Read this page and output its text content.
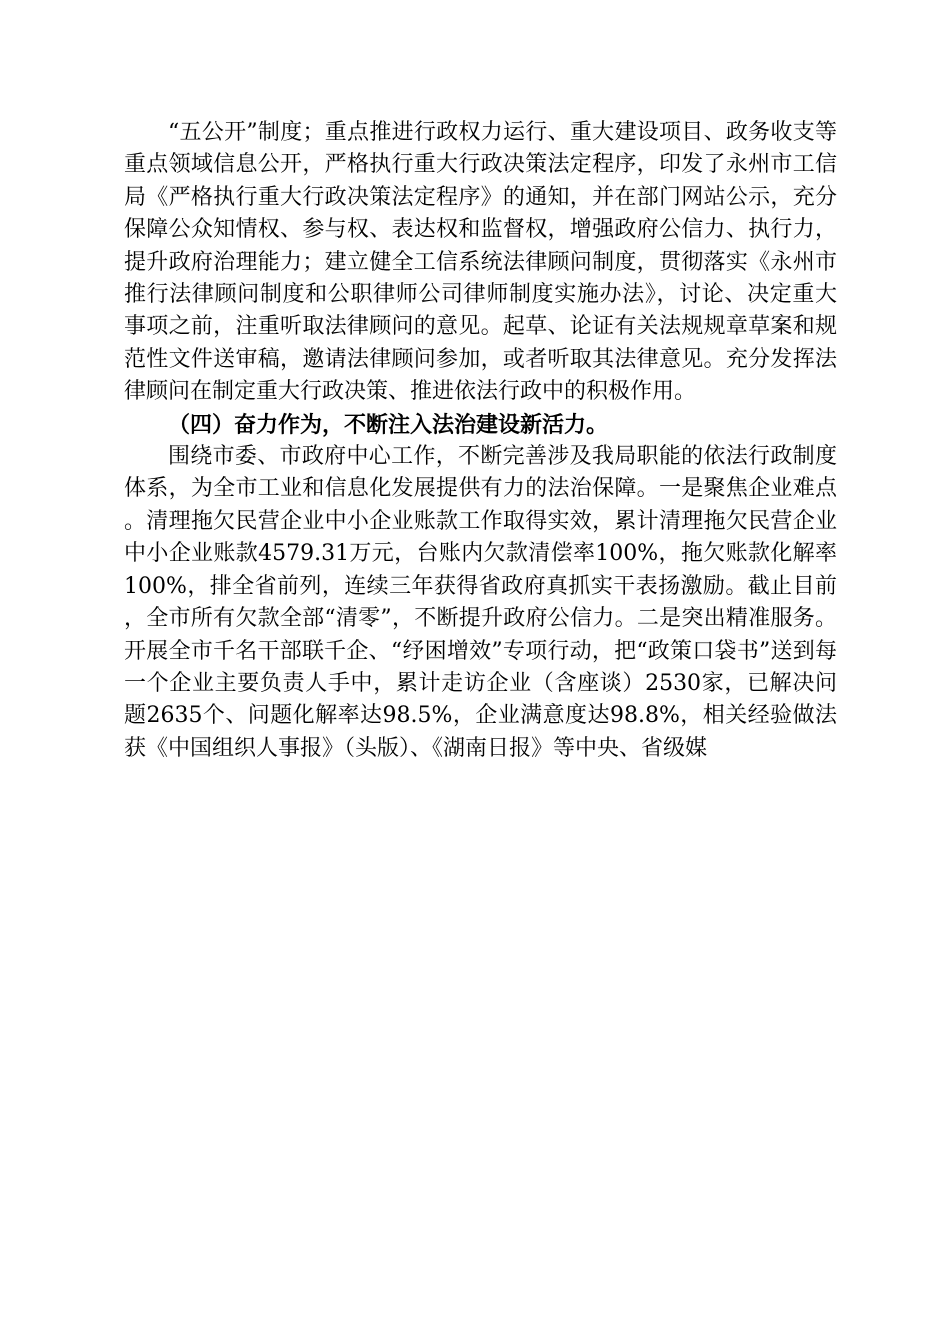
“五公开”制度；重点推进行政权力运行、重大建设项目、政务收支等重点领域信息公开，严格执行重大行政决策法定程序，印发了永州市工信局《严格执行重大行政决策法定程序》的通知，并在部门网站公示，充分保障公众知情权、参与权、表达权和监督权，增强政府公信力、执行力，提升政府治理能力；建立健全工信系统法律顾问制度，贯彻落实《永州市推行法律顾问制度和公职律师公司律师制度实施办法》，讨论、决定重大事项之前，注重听取法律顾问的意见。起草、论证有关法规规章草案和规范性文件送审稿，邀请法律顾问参加，或者听取其法律意见。充分发挥法律顾问在制定重大行政决策、推进依法行政中的积极作用。

（四）奋力作为，不断注入法治建设新活力。

围绕市委、市政府中心工作，不断完善涉及我局职能的依法行政制度体系，为全市工业和信息化发展提供有力的法治保障。一是聚焦企业难点。清理拖欠民营企业中小企业账款工作取得实效，累计清理拖欠民营企业中小企业账款4579.31万元，台账内欠款清偿率100%，拖欠账款化解率100%，排全省前列，连续三年获得省政府真抓实干表扬激励。截止目前，全市所有欠款全部“清零”，不断提升政府公信力。二是突出精准服务。开展全市千名干部联千企、“纾困增效”专项行动，把“政策口袋书”送到每一个企业主要负责人手中，累计走访企业（含座谈）2530家，已解决问题2635个、问题化解率达98.5%，企业满意度达98.8%，相关经验做法获《中国组织人事报》（头版）、《湖南日报》等中央、省级媒
